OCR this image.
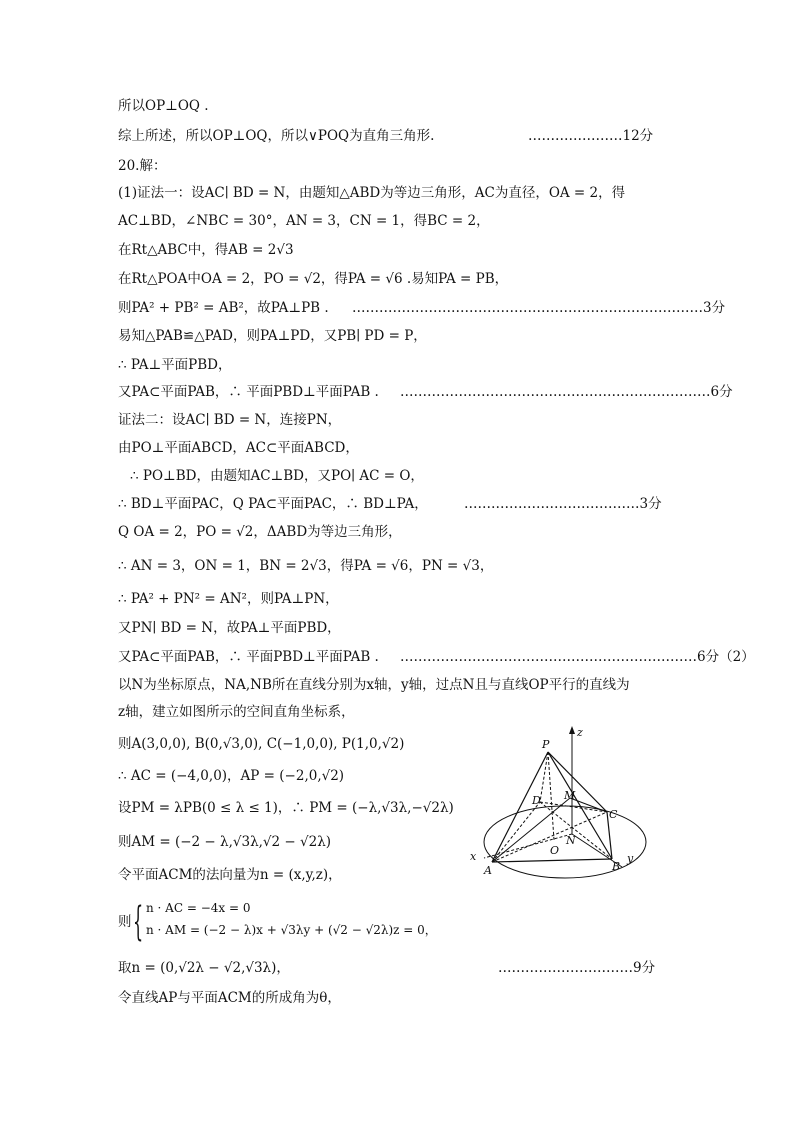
所以OP⊥OQ .
综上所述，所以OP⊥OQ，所以∨POQ为直角三角形.	…………………12分
20.解：
(1)证法一：设AC∣ BD = N，由题知△ABD为等边三角形，AC为直径，OA = 2，得
AC⊥BD，∠NBC = 30°，AN = 3，CN = 1，得BC = 2，
在Rt△ABC中，得AB = 2√3
在Rt△POA中OA = 2，PO = √2，得PA = √6 .易知PA = PB，
则PA² + PB² = AB²，故PA⊥PB . ……………………………………………………………………3分
易知△PAB≌△PAD，则PA⊥PD，又PB∣ PD = P，
∴ PA⊥平面PBD，
又PA⊂平面PAB，∴ 平面PBD⊥平面PAB . ……………………………………………………………6分
证法二：设AC∣ BD = N，连接PN，
由PO⊥平面ABCD，AC⊂平面ABCD，
∴ PO⊥BD，由题知AC⊥BD，又PO∣ AC = O，
∴ BD⊥平面PAC，Q PA⊂平面PAC，∴ BD⊥PA，	…………………………………3分
Q OA = 2，PO = √2，ΔABD为等边三角形，
∴ AN = 3，ON = 1，BN = 2√3，得PA = √6，PN = √3，
∴ PA² + PN² = AN²，则PA⊥PN，
又PN∣ BD = N，故PA⊥平面PBD，
又PA⊂平面PAB，∴ 平面PBD⊥平面PAB . …………………………………………………………6分（2）
以N为坐标原点，NA,NB所在直线分别为x轴，y轴，过点N且与直线OP平行的直线为
z轴，建立如图所示的空间直角坐标系，
则A(3,0,0), B(0,√3,0), C(−1,0,0), P(1,0,√2)
∴ AC = (−4,0,0)，AP = (−2,0,√2)
设PM = λPB(0 ≤ λ ≤ 1)，∴ PM = (−λ,√3λ,−√2λ)
则AM = (−2 − λ,√3λ,√2 − √2λ)
令平面ACM的法向量为n = (x,y,z)，
则 { n · AC = −4x = 0
n · AM = (−2 − λ)x + √3λy + (√2 − √2λ)z = 0，
取n = (0,√2λ − √2,√3λ)，	…………………………9分
令直线AP与平面ACM的所成角为θ，
P
z
D M
C
N
O
x
A	B
y
